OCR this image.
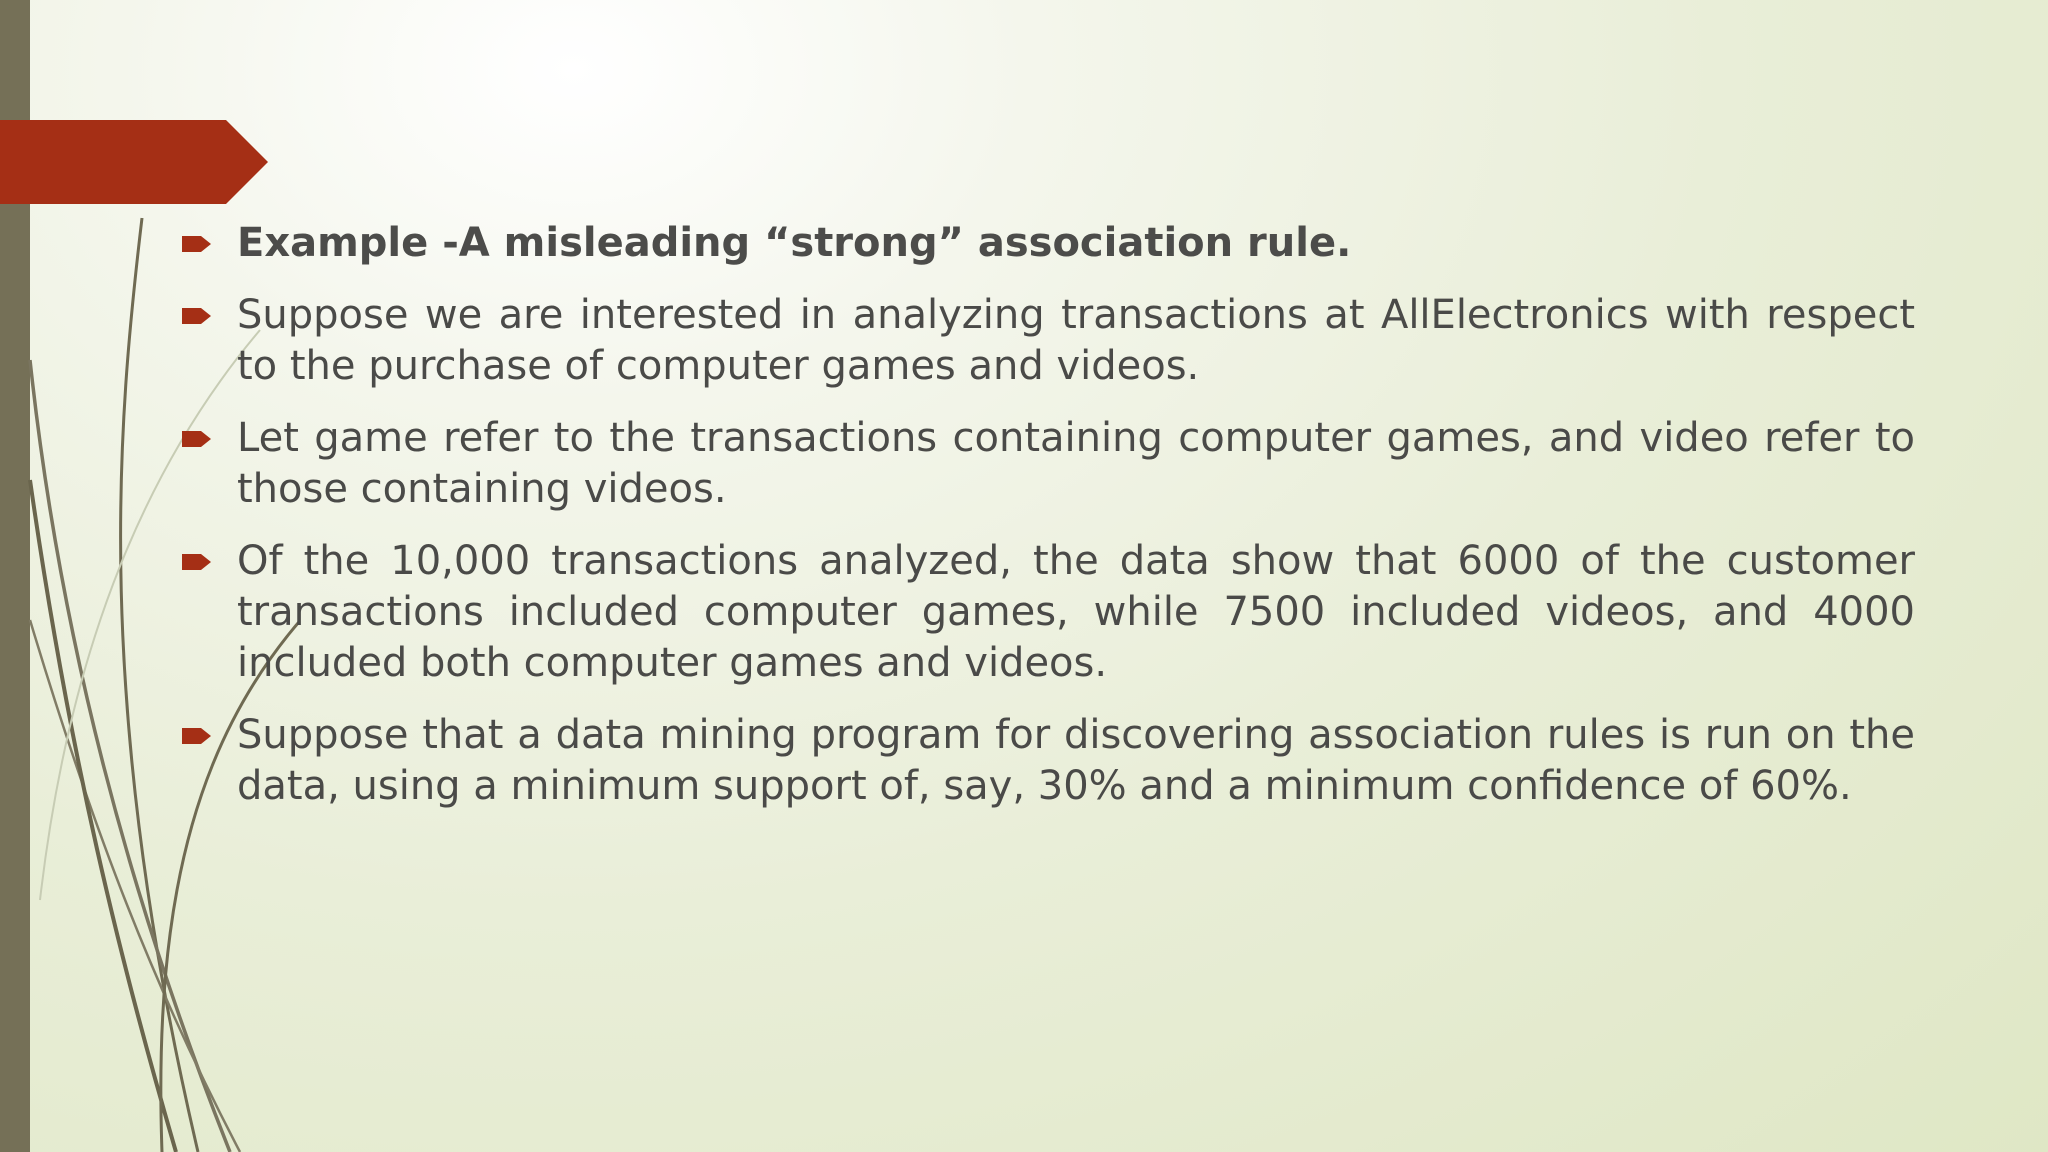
Example -A misleading “strong” association rule.
Suppose we are interested in analyzing transactions at AllElectronics with respect to the purchase of computer games and videos.
Let game refer to the transactions containing computer games, and video refer to those containing videos.
Of the 10,000 transactions analyzed, the data show that 6000 of the customer transactions included computer games, while 7500 included videos, and 4000 included both computer games and videos.
Suppose that a data mining program for discovering association rules is run on the data, using a minimum support of, say, 30% and a minimum confidence of 60%.
